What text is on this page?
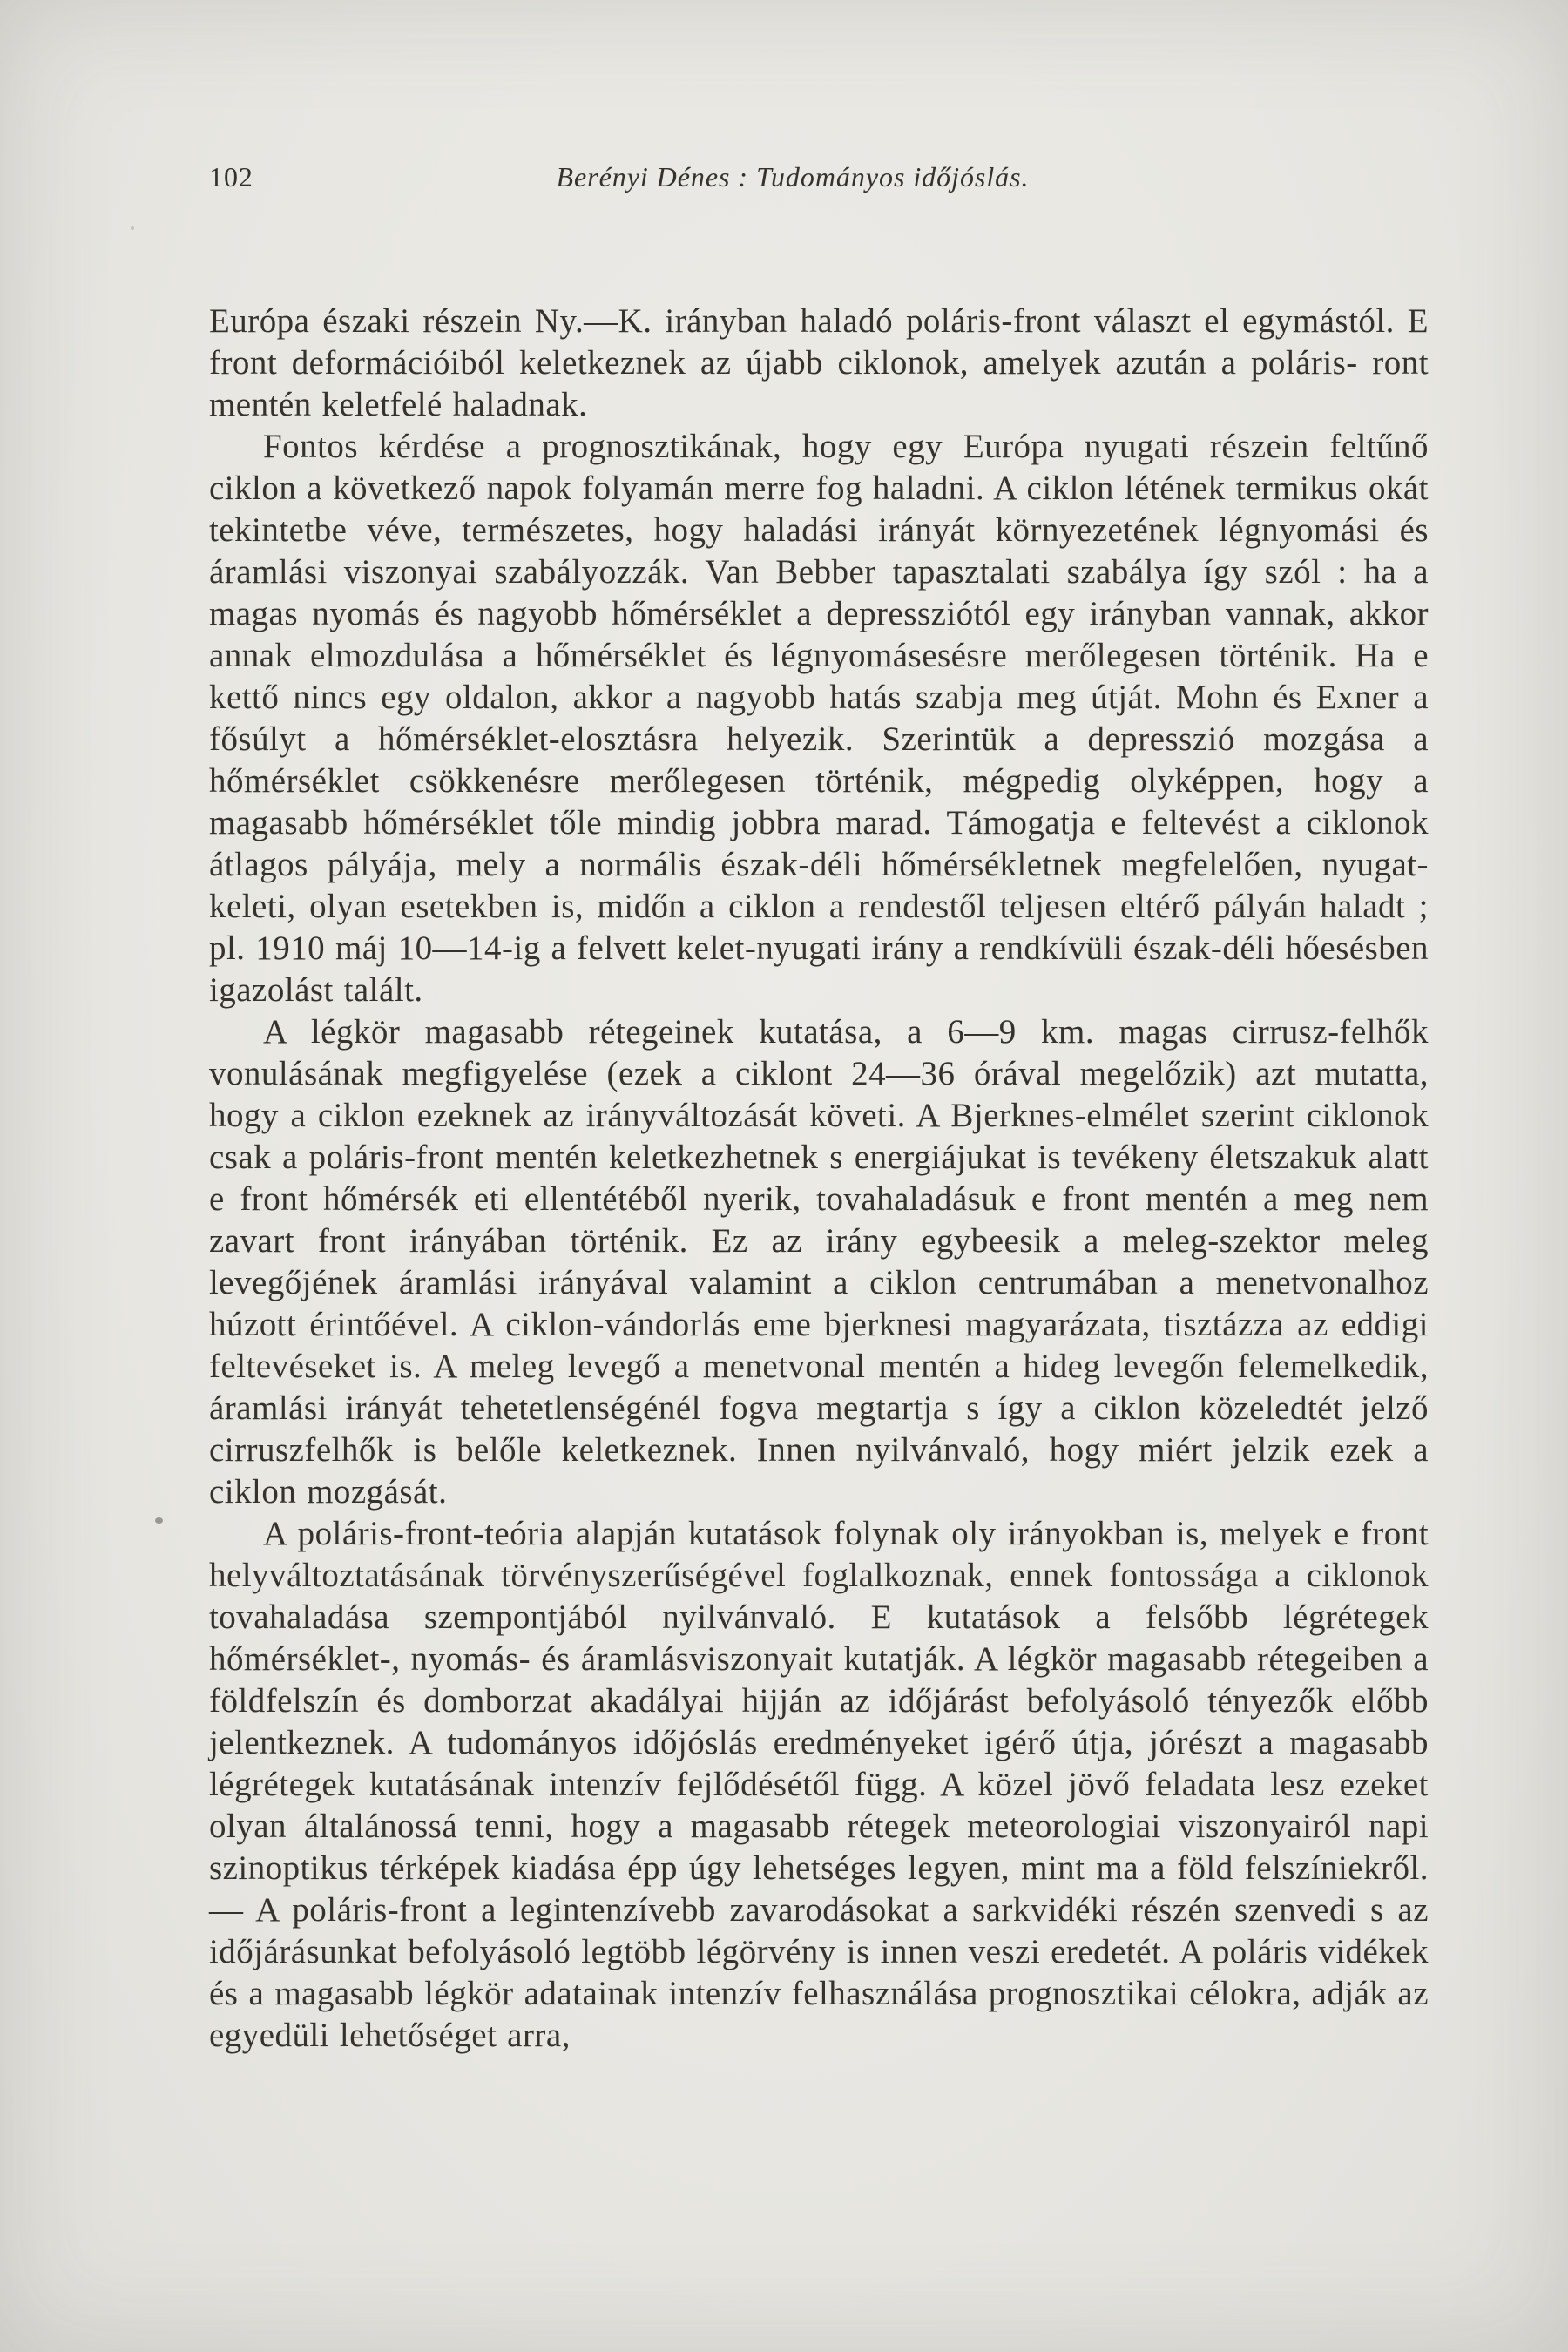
102	Berényi Dénes : Tudományos időjóslás.

Európa északi részein Ny.—K. irányban haladó poláris-front választ el egymástól. E front deformációiból keletkeznek az újabb ciklonok, amelyek azután a poláris- ront mentén keletfelé haladnak.

Fontos kérdése a prognosztikának, hogy egy Európa nyugati részein feltűnő ciklon a következő napok folyamán merre fog haladni. A ciklon létének termikus okát tekintetbe véve, természetes, hogy haladási irányát környezetének légnyomási és áramlási viszonyai szabályozzák. Van Bebber tapasztalati szabálya így szól : ha a magas nyomás és nagyobb hőmérséklet a depressziótól egy irányban vannak, akkor annak elmozdulása a hőmérséklet és légnyomásesésre merőlegesen történik. Ha e kettő nincs egy oldalon, akkor a nagyobb hatás szabja meg útját. Mohn és Exner a fősúlyt a hőmérséklet-elosztásra helyezik. Szerintük a depresszió mozgása a hőmérséklet csökkenésre merőlegesen történik, mégpedig olyképpen, hogy a magasabb hőmérséklet tőle mindig jobbra marad. Támogatja e feltevést a ciklonok átlagos pályája, mely a normális észak-déli hőmérsékletnek megfelelően, nyugat-keleti, olyan esetekben is, midőn a ciklon a rendestől teljesen eltérő pályán haladt ; pl. 1910 máj 10—14-ig a felvett kelet-nyugati irány a rendkívüli észak-déli hőesésben igazolást talált.

A légkör magasabb rétegeinek kutatása, a 6—9 km. magas cirrusz-felhők vonulásának megfigyelése (ezek a ciklont 24—36 órával megelőzik) azt mutatta, hogy a ciklon ezeknek az irányváltozását követi. A Bjerknes-elmélet szerint ciklonok csak a poláris-front mentén keletkezhetnek s energiájukat is tevékeny életszakuk alatt e front hőmérsék eti ellentétéből nyerik, tovahaladásuk e front mentén a meg nem zavart front irányában történik. Ez az irány egybeesik a meleg-szektor meleg levegőjének áramlási irányával valamint a ciklon centrumában a menetvonalhoz húzott érintőével. A ciklon-vándorlás eme bjerknesi magyarázata, tisztázza az eddigi feltevéseket is. A meleg levegő a menetvonal mentén a hideg levegőn felemelkedik, áramlási irányát tehetetlenségénél fogva megtartja s így a ciklon közeledtét jelző cirruszfelhők is belőle keletkeznek. Innen nyilvánvaló, hogy miért jelzik ezek a ciklon mozgását.

A poláris-front-teória alapján kutatások folynak oly irányokban is, melyek e front helyváltoztatásának törvényszerűségével foglalkoznak, ennek fontossága a ciklonok tovahaladása szempontjából nyilvánvaló. E kutatások a felsőbb légrétegek hőmérséklet-, nyomás- és áramlásviszonyait kutatják. A légkör magasabb rétegeiben a földfelszín és domborzat akadályai hijján az időjárást befolyásoló tényezők előbb jelentkeznek. A tudományos időjóslás eredményeket igérő útja, jórészt a magasabb légrétegek kutatásának intenzív fejlődésétől függ. A közel jövő feladata lesz ezeket olyan általánossá tenni, hogy a magasabb rétegek meteorologiai viszonyairól napi szinoptikus térképek kiadása épp úgy lehetséges legyen, mint ma a föld felszíniekről. — A poláris-front a legintenzívebb zavarodásokat a sarkvidéki részén szenvedi s az időjárásunkat befolyásoló legtöbb légörvény is innen veszi eredetét. A poláris vidékek és a magasabb légkör adatainak intenzív felhasználása prognosztikai célokra, adják az egyedüli lehetőséget arra,
